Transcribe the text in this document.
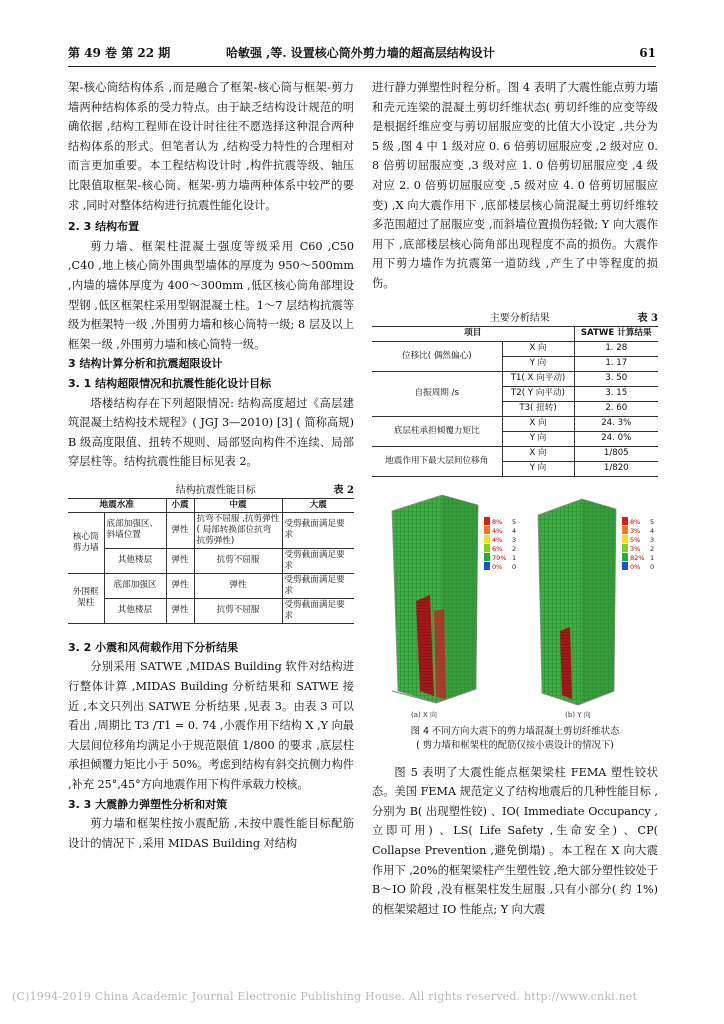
第 49 卷 第 22 期	哈敏强 ,等. 设置核心筒外剪力墙的超高层结构设计	61

架-核心筒结构体系 ,而是融合了框架-核心筒与框架-剪力墙两种结构体系的受力特点。由于缺乏结构设计规范的明确依据 ,结构工程师在设计时往往不愿选择这种混合两种结构体系的形式。但笔者认为 ,结构受力特性的合理相对而言更加重要。本工程结构设计时 ,构件抗震等级、轴压比限值取框架-核心筒、框架-剪力墙两种体系中较严的要求 ,同时对整体结构进行抗震性能化设计。

2. 3 结构布置

剪力墙、框架柱混凝土强度等级采用 C60 ,C50 ,C40 ,地上核心筒外围典型墙体的厚度为 950～500mm ,内墙的墙体厚度为 400～300mm ,低区核心筒角部埋设型钢 ,低区框架柱采用型钢混凝土柱。1～7 层结构抗震等级为框架特一级 ,外围剪力墙和核心筒特一级; 8 层及以上框架一级 ,外围剪力墙和核心筒特一级。

3 结构计算分析和抗震超限设计

3. 1 结构超限情况和抗震性能化设计目标

塔楼结构存在下列超限情况: 结构高度超过《高层建筑混凝土结构技术规程》( JGJ 3—2010) [3] ( 简称高规) B 级高度限值、扭转不规则、局部竖向构件不连续、局部穿层柱等。结构抗震性能目标见表 2。

结构抗震性能目标	表 2
地震水准		小震	中震	大震
核心筒剪力墙	底部加强区、斜墙位置	弹性	抗弯不屈服 ,抗剪弹性( 局部转换部位抗弯抗剪弹性)	受剪截面满足要求
	其他楼层	弹性	抗剪不屈服	受剪截面满足要求
外围框架柱	底部加强区	弹性	弹性	受剪截面满足要求
	其他楼层	弹性	抗剪不屈服	受剪截面满足要求

3. 2 小震和风荷载作用下分析结果

分别采用 SATWE ,MIDAS Building 软件对结构进行整体计算 ,MIDAS Building 分析结果和 SATWE 接近 ,本文只列出 SATWE 分析结果 ,见表 3。由表 3 可以看出 ,周期比 T3 /T1 = 0. 74 ,小震作用下结构 X ,Y 向最大层间位移角均满足小于规范限值 1/800 的要求 ,底层柱承担倾覆力矩比小于 50%。考虑到结构有斜交抗侧力构件 ,补充 25°,45°方向地震作用下构件承载力校核。

3. 3 大震静力弹塑性分析和对策

剪力墙和框架柱按小震配筋 ,未按中震性能目标配筋设计的情况下 ,采用 MIDAS Building 对结构

进行静力弹塑性时程分析。图 4 表明了大震性能点剪力墙和壳元连梁的混凝土剪切纤维状态( 剪切纤维的应变等级是根据纤维应变与剪切屈服应变的比值大小设定 ,共分为 5 级 ,图 4 中 1 级对应 0. 6 倍剪切屈服应变 ,2 级对应 0. 8 倍剪切屈服应变 ,3 级对应 1. 0 倍剪切屈服应变 ,4 级对应 2. 0 倍剪切屈服应变 ,5 级对应 4. 0 倍剪切屈服应变) ,X 向大震作用下 ,底部楼层核心筒混凝土剪切纤维较多范围超过了屈服应变 ,而斜墙位置损伤轻微; Y 向大震作用下 ,底部楼层核心筒角部出现程度不高的损伤。大震作用下剪力墙作为抗震第一道防线 ,产生了中等程度的损伤。

主要分析结果	表 3
项目		SATWE 计算结果
位移比( 偶然偏心)	X 向	1. 28
	Y 向	1. 17
自振周期 /s	T1( X 向平动)	3. 50
	T2( Y 向平动)	3. 15
	T3( 扭转)	2. 60
底层柱承担倾覆力矩比	X 向	24. 3%
	Y 向	24. 0%
地震作用下最大层间位移角	X 向	1/805
	Y 向	1/820
8% 5
4% 4
4% 3
6% 2
79% 1
0% 0
8% 5
3% 4
5% 3
3% 2
82% 1
0% 0
(a) X 向	(b) Y 向
图 4 不同方向大震下的剪力墙混凝土剪切纤维状态
( 剪力墙和框架柱的配筋仅按小震设计的情况下)

图 5 表明了大震性能点框架梁柱 FEMA 塑性铰状态。美国 FEMA 规范定义了结构地震后的几种性能目标 ,分别为 B( 出现塑性铰) 、IO( Immediate Occupancy ,立即可用) 、LS( Life Safety ,生命安全) 、CP( Collapse Prevention ,避免倒塌) 。本工程在 X 向大震作用下 ,20%的框架梁柱产生塑性铰 ,绝大部分塑性铰处于 B～IO 阶段 ,没有框架柱发生屈服 ,只有小部分( 约 1%) 的框架梁超过 IO 性能点; Y 向大震

(C)1994-2019 China Academic Journal Electronic Publishing House. All rights reserved. http://www.cnki.net
